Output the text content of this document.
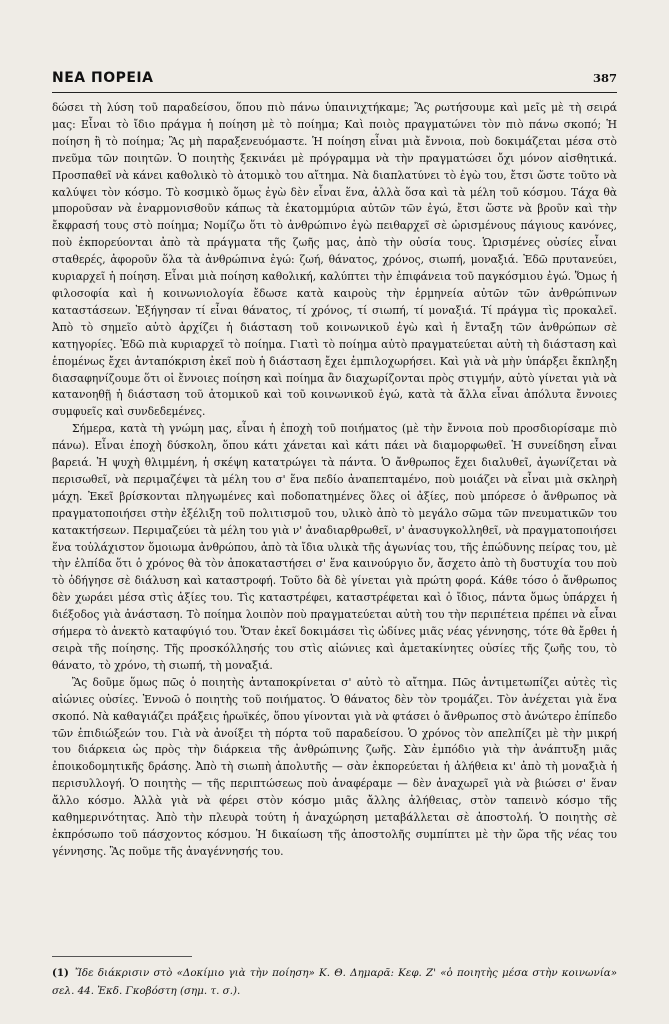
ΝΕΑ ΠΟΡΕΙΑ	387

δώσει τὴ λύση τοῦ παραδείσου, ὅπου πιὸ πάνω ὑπαινιχτήκαμε; Ἂς ρωτήσουμε καὶ μεῖς μὲ τὴ σειρά μας: Εἶναι τὸ ἴδιο πράγμα ἡ ποίηση μὲ τὸ ποίημα; Καὶ ποιὸς πραγματώνει τὸν πιὸ πάνω σκοπό; Ἡ ποίηση ἢ τὸ ποίημα; Ἂς μὴ παραξενευόμαστε. Ἡ ποίηση εἶναι μιὰ ἔννοια, ποὺ δοκιμάζεται μέσα στὸ πνεῦμα τῶν ποιητῶν. Ὁ ποιητὴς ξεκινάει μὲ πρόγραμμα νὰ τὴν πραγματώσει ὄχι μόνον αἰσθητικά. Προσπαθεῖ νὰ κάνει καθολικὸ τὸ ἀτομικὸ του αἴτημα. Νὰ διαπλατύνει τὸ ἐγὼ του, ἔτσι ὥστε τοῦτο νὰ καλύψει τὸν κόσμο. Τὸ κοσμικὸ ὅμως ἐγὼ δὲν εἶναι ἕνα, ἀλλὰ ὅσα καὶ τὰ μέλη τοῦ κόσμου. Τάχα θὰ μποροῦσαν νὰ ἐναρμονισθοῦν κάπως τὰ ἑκατομμύρια αὐτῶν τῶν ἐγώ, ἔτσι ὥστε νὰ βροῦν καὶ τὴν ἔκφρασή τους στὸ ποίημα; Νομίζω ὅτι τὸ ἀνθρώπινο ἐγὼ πειθαρχεῖ σὲ ὡρισμένους πάγιους κανόνες, ποὺ ἐκπορεύονται ἀπὸ τὰ πράγματα τῆς ζωῆς μας, ἀπὸ τὴν οὐσία τους. Ὡρισμένες οὐσίες εἶναι σταθερές, ἀφοροῦν ὅλα τὰ ἀνθρώπινα ἐγώ: ζωή, θάνατος, χρόνος, σιωπή, μοναξιά. Ἐδῶ πρυτανεύει, κυριαρχεῖ ἡ ποίηση. Εἶναι μιὰ ποίηση καθολική, καλύπτει τὴν ἐπιφάνεια τοῦ παγκόσμιου ἐγώ. Ὅμως ἡ φιλοσοφία καὶ ἡ κοινωνιολογία ἔδωσε κατὰ καιροὺς τὴν ἑρμηνεία αὐτῶν τῶν ἀνθρώπινων καταστάσεων. Ἐξήγησαν τί εἶναι θάνατος, τί χρόνος, τί σιωπή, τί μοναξιά. Τί πράγμα τὶς προκαλεῖ. Ἀπὸ τὸ σημεῖο αὐτὸ ἀρχίζει ἡ διάσταση τοῦ κοινωνικοῦ ἐγὼ καὶ ἡ ἔνταξη τῶν ἀνθρώπων σὲ κατηγορίες. Ἐδῶ πιὰ κυριαρχεῖ τὸ ποίημα. Γιατὶ τὸ ποίημα αὐτὸ πραγματεύεται αὐτὴ τὴ διάσταση καὶ ἑπομένως ἔχει ἀνταπόκριση ἐκεῖ ποὺ ἡ διάσταση ἔχει ἐμπιλοχωρήσει. Καὶ γιὰ νὰ μὴν ὑπάρξει ἔκπληξη διασαφηνίζουμε ὅτι οἱ ἔννοιες ποίηση καὶ ποίημα ἂν διαχωρίζονται πρὸς στιγμήν, αὐτὸ γίνεται γιὰ νὰ κατανοηθῇ ἡ διάσταση τοῦ ἀτομικοῦ καὶ τοῦ κοινωνικοῦ ἐγώ, κατὰ τὰ ἄλλα εἶναι ἀπόλυτα ἔννοιες συμφυεῖς καὶ συνδεδεμένες.

Σήμερα, κατὰ τὴ γνώμη μας, εἶναι ἡ ἐποχὴ τοῦ ποιήματος (μὲ τὴν ἔννοια ποὺ προσδιορίσαμε πιὸ πάνω). Εἶναι ἐποχὴ δύσκολη, ὅπου κάτι χάνεται καὶ κάτι πάει νὰ διαμορφωθεῖ. Ἡ συνείδηση εἶναι βαρειά. Ἡ ψυχὴ θλιμμένη, ἡ σκέψη κατατρώγει τὰ πάντα. Ὁ ἄνθρωπος ἔχει διαλυθεῖ, ἀγωνίζεται νὰ περισωθεῖ, νὰ περιμαζέψει τὰ μέλη του σ' ἕνα πεδίο ἀναπεπταμένο, ποὺ μοιάζει νὰ εἶναι μιὰ σκληρὴ μάχη. Ἐκεῖ βρίσκονται πληγωμένες καὶ ποδοπατημένες ὅλες οἱ ἀξίες, ποὺ μπόρεσε ὁ ἄνθρωπος νὰ πραγματοποιήσει στὴν ἐξέλιξη τοῦ πολιτισμοῦ του, υλικὸ ἀπὸ τὸ μεγάλο σῶμα τῶν πνευματικῶν του κατακτήσεων. Περιμαζεύει τὰ μέλη του γιὰ ν' ἀναδιαρθρωθεῖ, ν' ἀνασυγκολληθεῖ, νὰ πραγματοποιήσει ἕνα τοὐλάχιστον ὅμοιωμα ἀνθρώπου, ἀπὸ τὰ ἴδια υλικὰ τῆς ἀγωνίας του, τῆς ἐπώδυνης πείρας του, μὲ τὴν ἐλπίδα ὅτι ὁ χρόνος θὰ τὸν ἀποκαταστήσει σ' ἕνα καινούργιο ὄν, ἄσχετο ἀπὸ τὴ δυστυχία του ποὺ τὸ ὁδήγησε σὲ διάλυση καὶ καταστροφή. Τοῦτο δὰ δὲ γίνεται γιὰ πρώτη φορά. Κάθε τόσο ὁ ἄνθρωπος δὲν χωράει μέσα στὶς ἀξίες του. Τὶς καταστρέφει, καταστρέφεται καὶ ὁ ἴδιος, πάντα ὅμως ὑπάρχει ἡ διέξοδος γιὰ ἀνάσταση. Τὸ ποίημα λοιπὸν ποὺ πραγματεύεται αὐτὴ του τὴν περιπέτεια πρέπει νὰ εἶναι σήμερα τὸ ἀνεκτὸ καταφύγιό του. Ὅταν ἐκεῖ δοκιμάσει τὶς ὠδίνες μιᾶς νέας γέννησης, τότε θὰ ἔρθει ἡ σειρὰ τῆς ποίησης. Τῆς προσκόλλησής του στὶς αἰώνιες καὶ ἀμετακίνητες οὐσίες τῆς ζωῆς του, τὸ θάνατο, τὸ χρόνο, τὴ σιωπή, τὴ μοναξιά.

Ἂς δοῦμε ὅμως πῶς ὁ ποιητὴς ἀνταποκρίνεται σ' αὐτὸ τὸ αἴτημα. Πῶς ἀντιμετωπίζει αὐτὲς τὶς αἰώνιες οὐσίες. Ἐννοῶ ὁ ποιητὴς τοῦ ποιήματος. Ὁ θάνατος δὲν τὸν τρομάζει. Τὸν ἀνέχεται γιὰ ἕνα σκοπό. Νὰ καθαγιάζει πράξεις ἡρωϊκές, ὅπου γίνονται γιὰ νὰ φτάσει ὁ ἄνθρωπος στὸ ἀνώτερο ἐπίπεδο τῶν ἐπιδιώξεών του. Γιὰ νὰ ἀνοίξει τὴ πόρτα τοῦ παραδείσου. Ὁ χρόνος τὸν απελπίζει μὲ τὴν μικρή του διάρκεια ὡς πρὸς τὴν διάρκεια τῆς ἀνθρώπινης ζωῆς. Σὰν ἐμπόδιο γιὰ τὴν ἀνάπτυξη μιᾶς ἐποικοδομητικῆς δράσης. Ἀπὸ τὴ σιωπὴ ἀπολυτῆς — σὰν ἐκπορεύεται ἡ ἀλήθεια κι' ἀπὸ τὴ μοναξιὰ ἡ περισυλλογή. Ὁ ποιητὴς — τῆς περιπτώσεως ποὺ ἀναφέραμε — δὲν ἀναχωρεῖ γιὰ νὰ βιώσει σ' ἕναν ἄλλο κόσμο. Ἀλλὰ γιὰ νὰ φέρει στὸν κόσμο μιᾶς ἄλλης ἀλήθειας, στὸν ταπεινὸ κόσμο τῆς καθημερινότητας. Ἀπὸ τὴν πλευρὰ τούτη ἡ ἀναχώρηση μεταβάλλεται σὲ ἀποστολή. Ὁ ποιητὴς σὲ ἐκπρόσωπο τοῦ πάσχοντος κόσμου. Ἡ δικαίωση τῆς ἀποστολῆς συμπίπτει μὲ τὴν ὥρα τῆς νέας του γέννησης. Ἂς ποῦμε τῆς ἀναγέννησής του.

(1) Ἴδε διάκρισιν στὸ «Δοκίμιο γιὰ τὴν ποίηση» Κ. Θ. Δημαρᾶ: Κεφ. Ζ' «ὁ ποιητὴς μέσα στὴν κοινωνία» σελ. 44. Ἐκδ. Γκοβόστη (σημ. τ. σ.).
